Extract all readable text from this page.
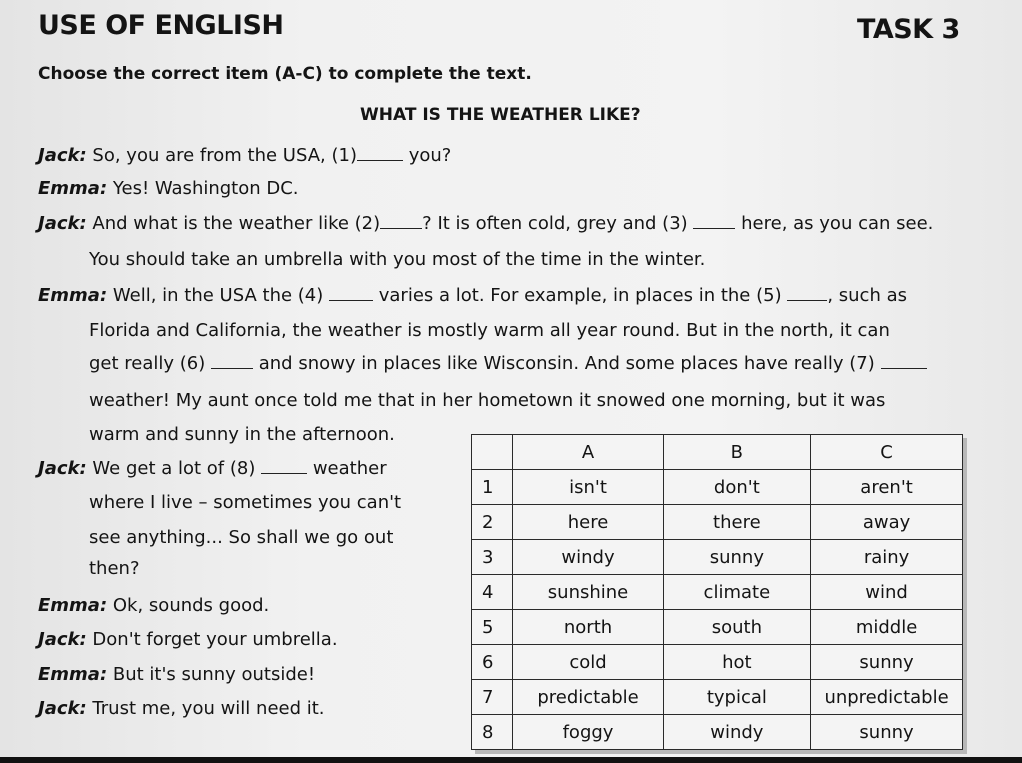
USE OF ENGLISH	TASK 3
Choose the correct item (A-C) to complete the text.
WHAT IS THE WEATHER LIKE?
Jack: So, you are from the USA, (1)	you?
Emma: Yes! Washington DC.
Jack: And what is the weather like (2) ? It is often cold, grey and (3)	here, as you can see.
You should take an umbrella with you most of the time in the winter.
Emma: Well, in the USA the (4)	varies a lot. For example, in places in the (5)	, such as
Florida and California, the weather is mostly warm all year round. But in the north, it can
get really (6)	and snowy in places like Wisconsin. And some places have really (7)
weather! My aunt once told me that in her hometown it snowed one morning, but it was
warm and sunny in the afternoon.
Jack: We get a lot of (8)	weather
where I live – sometimes you can't
see anything... So shall we go out
then?
Emma: Ok, sounds good.
Jack: Don't forget your umbrella.
Emma: But it's sunny outside!
Jack: Trust me, you will need it.
	A	B	C
1	isn't	don't	aren't
2	here	there	away
3	windy	sunny	rainy
4	sunshine	climate	wind
5	north	south	middle
6	cold	hot	sunny
7	predictable	typical	unpredictable
8	foggy	windy	sunny
